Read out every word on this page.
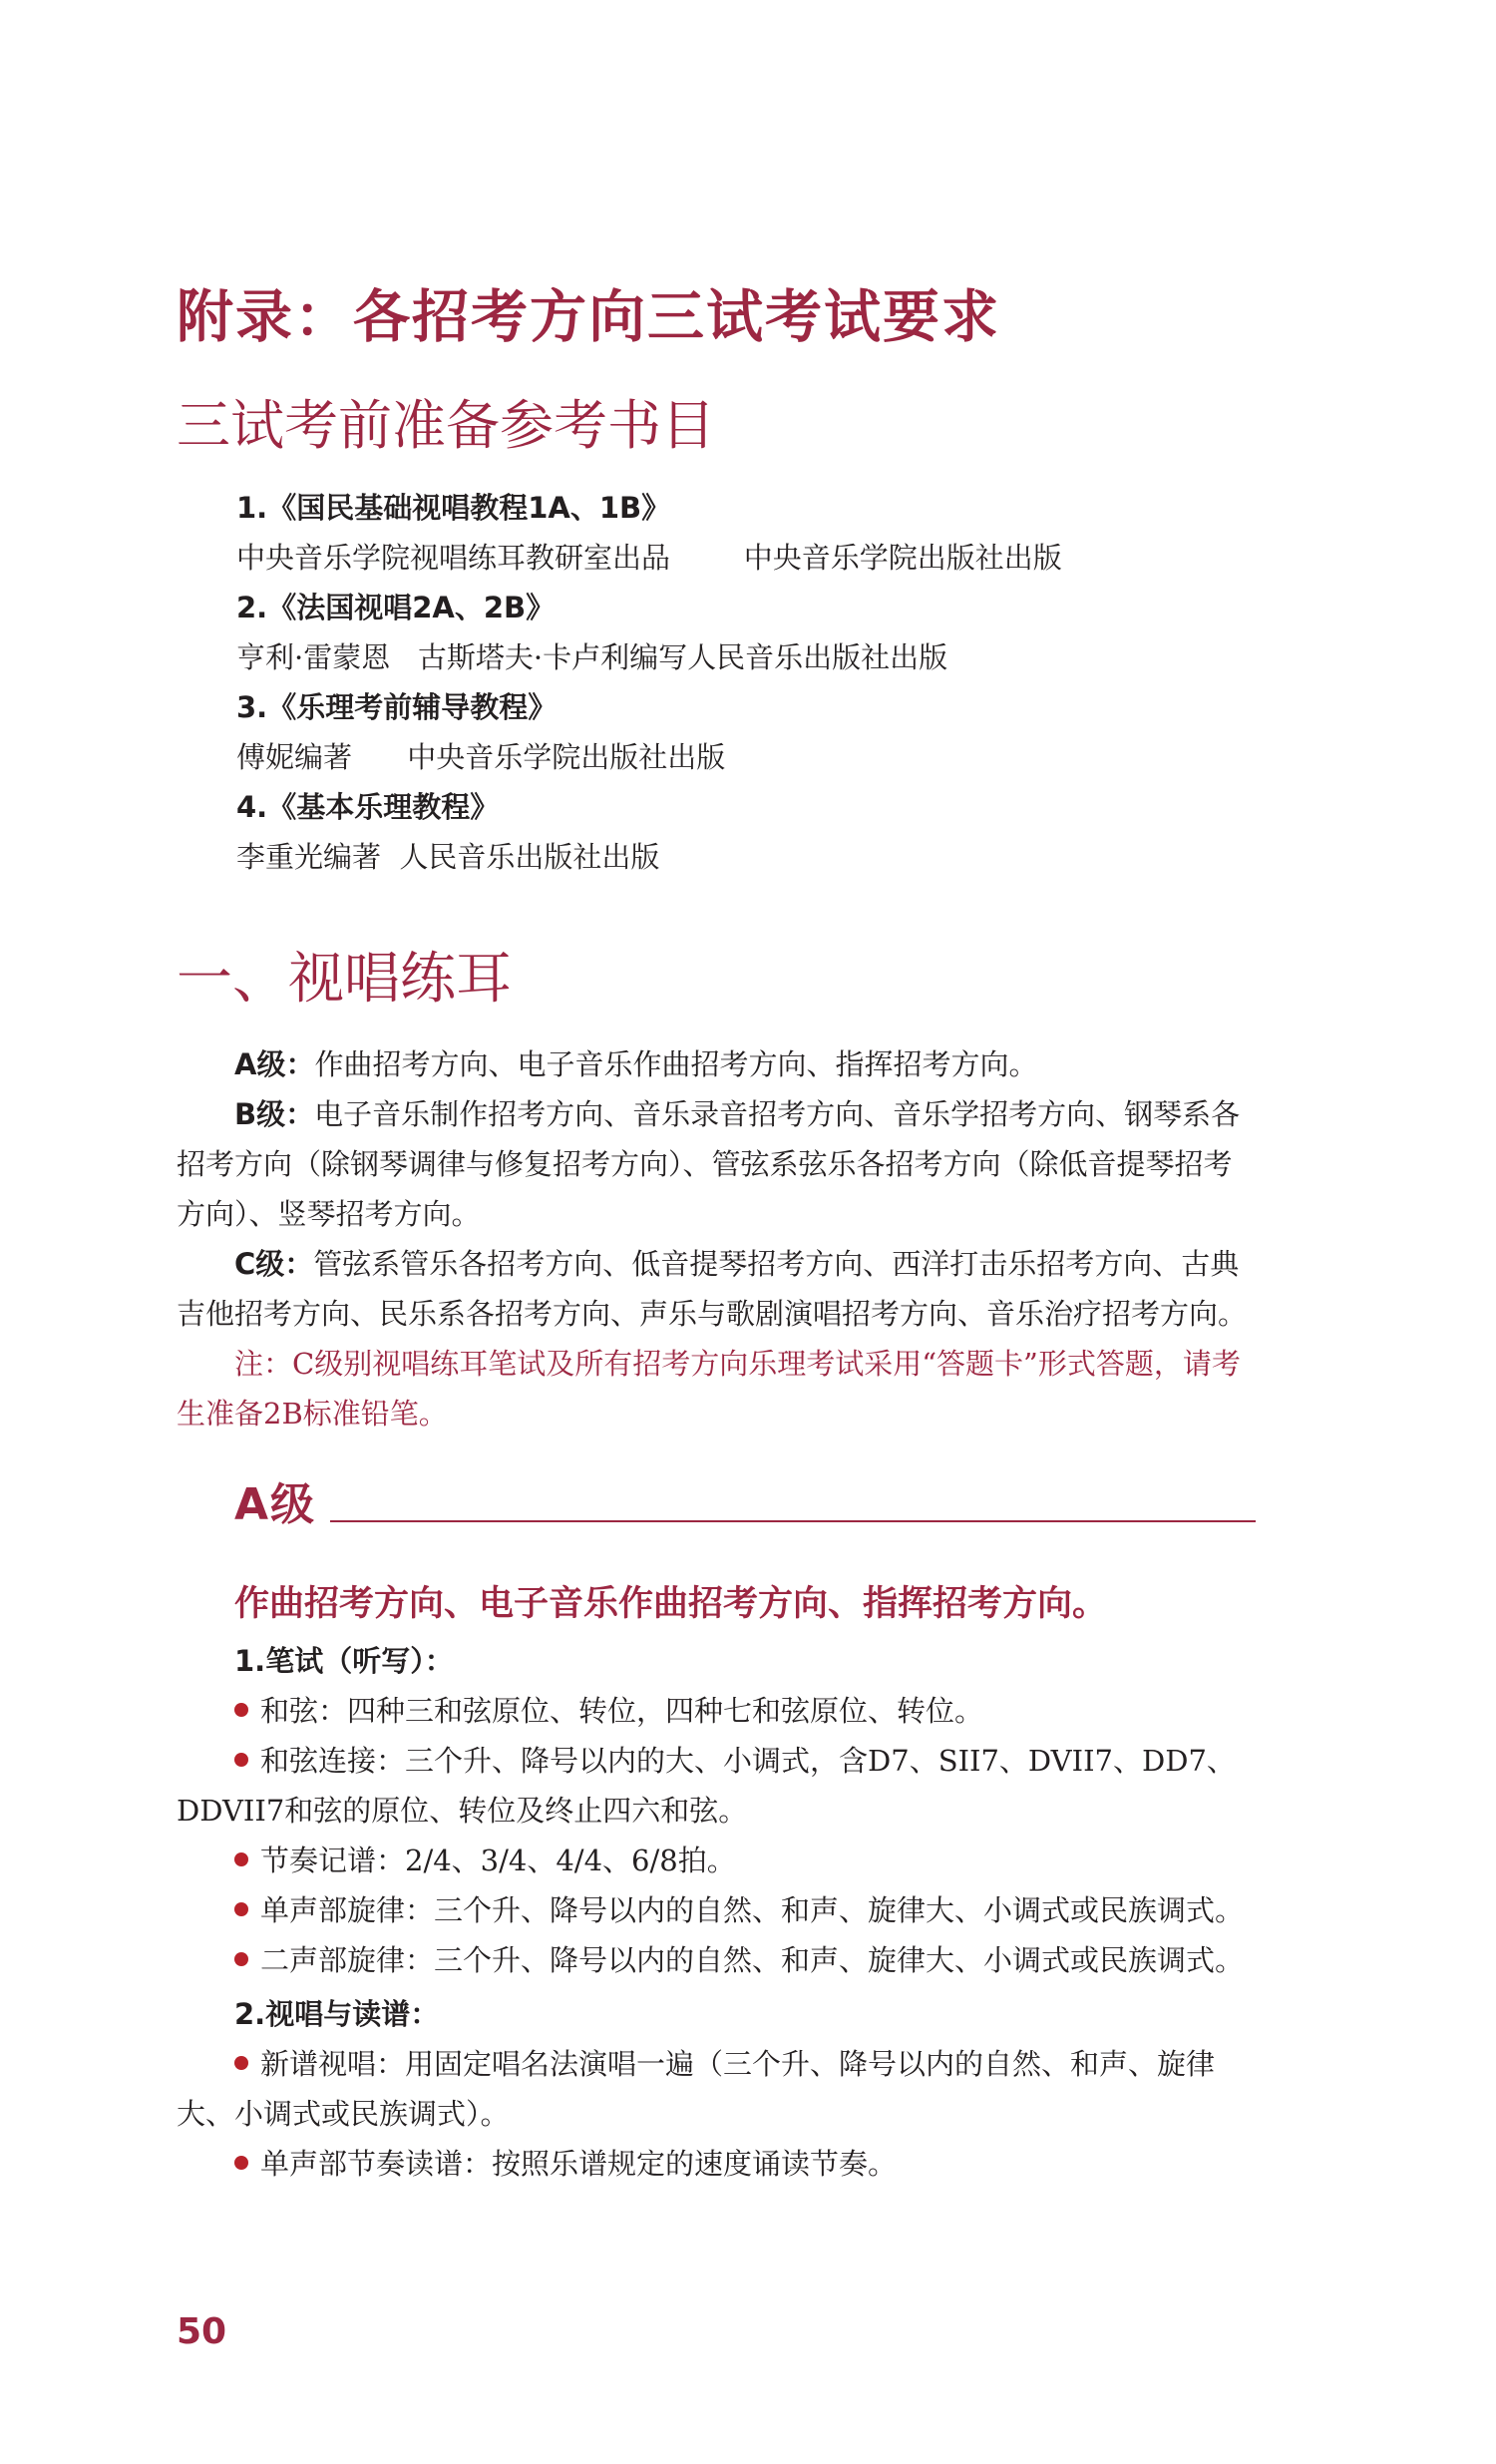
附录：各招考方向三试考试要求
三试考前准备参考书目
1.《国民基础视唱教程1A、1B》
中央音乐学院视唱练耳教研室出品        中央音乐学院出版社出版
2.《法国视唱2A、2B》
亨利·雷蒙恩   古斯塔夫·卡卢利编写人民音乐出版社出版
3.《乐理考前辅导教程》
傅妮编著      中央音乐学院出版社出版
4.《基本乐理教程》
李重光编著  人民音乐出版社出版
一、视唱练耳

A级：作曲招考方向、电子音乐作曲招考方向、指挥招考方向。

B级：电子音乐制作招考方向、音乐录音招考方向、音乐学招考方向、钢琴系各招考方向（除钢琴调律与修复招考方向）、管弦系弦乐各招考方向（除低音提琴招考方向）、竖琴招考方向。

C级：管弦系管乐各招考方向、低音提琴招考方向、西洋打击乐招考方向、古典吉他招考方向、民乐系各招考方向、声乐与歌剧演唱招考方向、音乐治疗招考方向。

注：C级别视唱练耳笔试及所有招考方向乐理考试采用“答题卡”形式答题，请考生准备2B标准铅笔。

A级
作曲招考方向、电子音乐作曲招考方向、指挥招考方向。
1.笔试（听写）：

和弦：四种三和弦原位、转位，四种七和弦原位、转位。

和弦连接：三个升、降号以内的大、小调式，含D7、SII7、DVII7、DD7、DDVII7和弦的原位、转位及终止四六和弦。

节奏记谱：2/4、3/4、4/4、6/8拍。

单声部旋律：三个升、降号以内的自然、和声、旋律大、小调式或民族调式。

二声部旋律：三个升、降号以内的自然、和声、旋律大、小调式或民族调式。

2.视唱与读谱：

新谱视唱：用固定唱名法演唱一遍（三个升、降号以内的自然、和声、旋律大、小调式或民族调式）。

单声部节奏读谱：按照乐谱规定的速度诵读节奏。

50
